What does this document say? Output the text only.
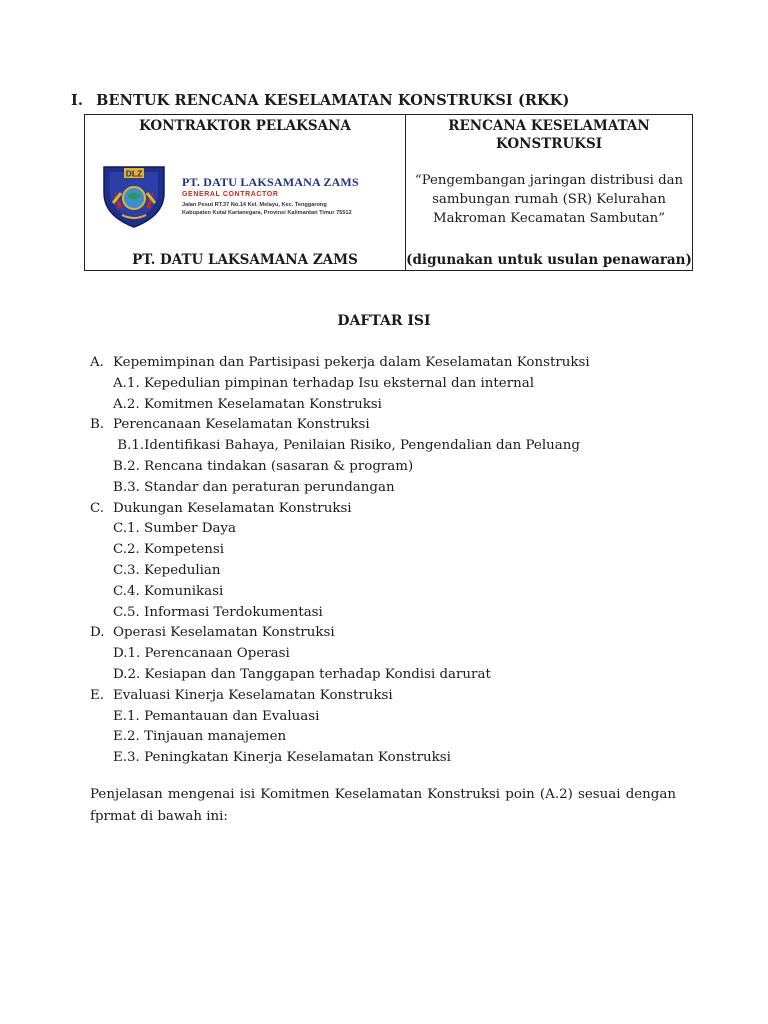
I. BENTUK RENCANA KESELAMATAN KONSTRUKSI (RKK)
KONTRAKTOR PELAKSANA
DLZ
PT. DATU LAKSAMANA ZAMS
GENERAL CONTRACTOR
Jalan Pesut RT.37 No.14 Kel. Melayu, Kec. Tenggarong
Kabupaten Kutai Kartanegara, Provinsi Kalimantan Timur 75512
PT. DATU LAKSAMANA ZAMS

RENCANA KESELAMATAN
KONSTRUKSI
“Pengembangan jaringan distribusi dan
sambungan rumah (SR) Kelurahan
Makroman Kecamatan Sambutan”
(digunakan untuk usulan penawaran)
DAFTAR ISI
A. Kepemimpinan dan Partisipasi pekerja dalam Keselamatan Konstruksi
A.1. Kepedulian pimpinan terhadap Isu eksternal dan internal
A.2. Komitmen Keselamatan Konstruksi
B. Perencanaan Keselamatan Konstruksi
B.1.Identifikasi Bahaya, Penilaian Risiko, Pengendalian dan Peluang
B.2. Rencana tindakan (sasaran & program)
B.3. Standar dan peraturan perundangan
C. Dukungan Keselamatan Konstruksi
C.1. Sumber Daya
C.2. Kompetensi
C.3. Kepedulian
C.4. Komunikasi
C.5. Informasi Terdokumentasi
D. Operasi Keselamatan Konstruksi
D.1. Perencanaan Operasi
D.2. Kesiapan dan Tanggapan terhadap Kondisi darurat
E. Evaluasi Kinerja Keselamatan Konstruksi
E.1. Pemantauan dan Evaluasi
E.2. Tinjauan manajemen
E.3. Peningkatan Kinerja Keselamatan Konstruksi
Penjelasan mengenai isi Komitmen Keselamatan Konstruksi poin (A.2) sesuai dengan fprmat di bawah ini:
